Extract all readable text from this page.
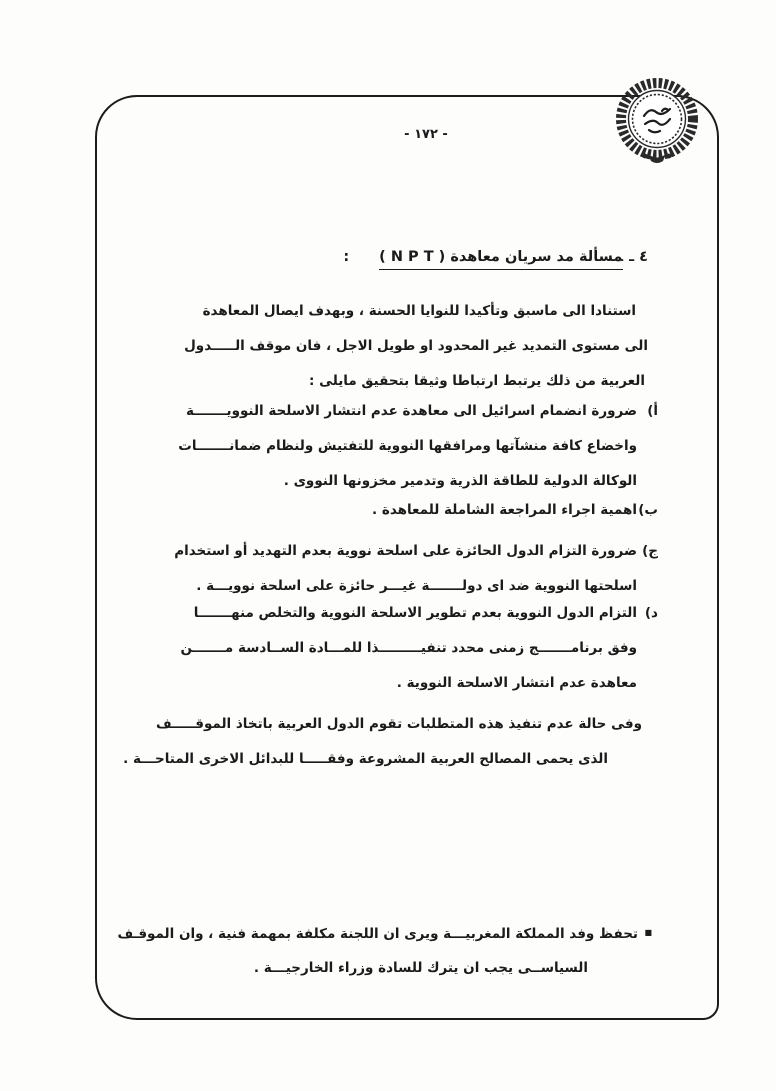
- ١٧٢ -
٤ ـمسألة مد سريان معاهدة ( N P T ):
استنادا الى ماسبق وتأكيدا للنوايا الحسنة ، وبهدف ايصال المعاهدة
الى مستوى التمديد غير المحدود او طويل الاجل ، فان موقف الـــــدول
العربية من ذلك يرتبط ارتباطا وثيقا بتحقيق مايلى :
أ)
ضرورة انضمام اسرائيل الى معاهدة عدم انتشار الاسلحة النوويـــــــة
واخضاع كافة منشآتها ومرافقها النووية للتفتيش ولنظام ضمانـــــــات
الوكالة الدولية للطاقة الذرية وتدمير مخزونها النووى .
ب)
اهمية اجراء المراجعة الشاملة للمعاهدة .
ج)
ضرورة التزام الدول الحائزة على اسلحة نووية بعدم التهديد أو استخدام
اسلحتها النووية ضد اى دولـــــــة غيـــر حائزة على اسلحة نوويـــة .
د)
التزام الدول النووية بعدم تطوير الاسلحة النووية والتخلص منهـــــــا
وفق برنامـــــــج زمنى محدد تنفيـــــــــذا للمـــادة الســادسة مـــــــن
معاهدة عدم انتشار الاسلحة النووية .
وفى حالة عدم تنفيذ هذه المتطلبات تقوم الدول العربية باتخاذ الموقـــــف
الذى يحمى المصالح العربية المشروعة وفقـــــا للبدائل الاخرى المتاحـــة .
■
تحفظ وفد المملكة المغربيـــة ويرى ان اللجنة مكلفة بمهمة فنية ، وان الموقـف
السياســى يجب ان يترك للسادة وزراء الخارجيـــة .
